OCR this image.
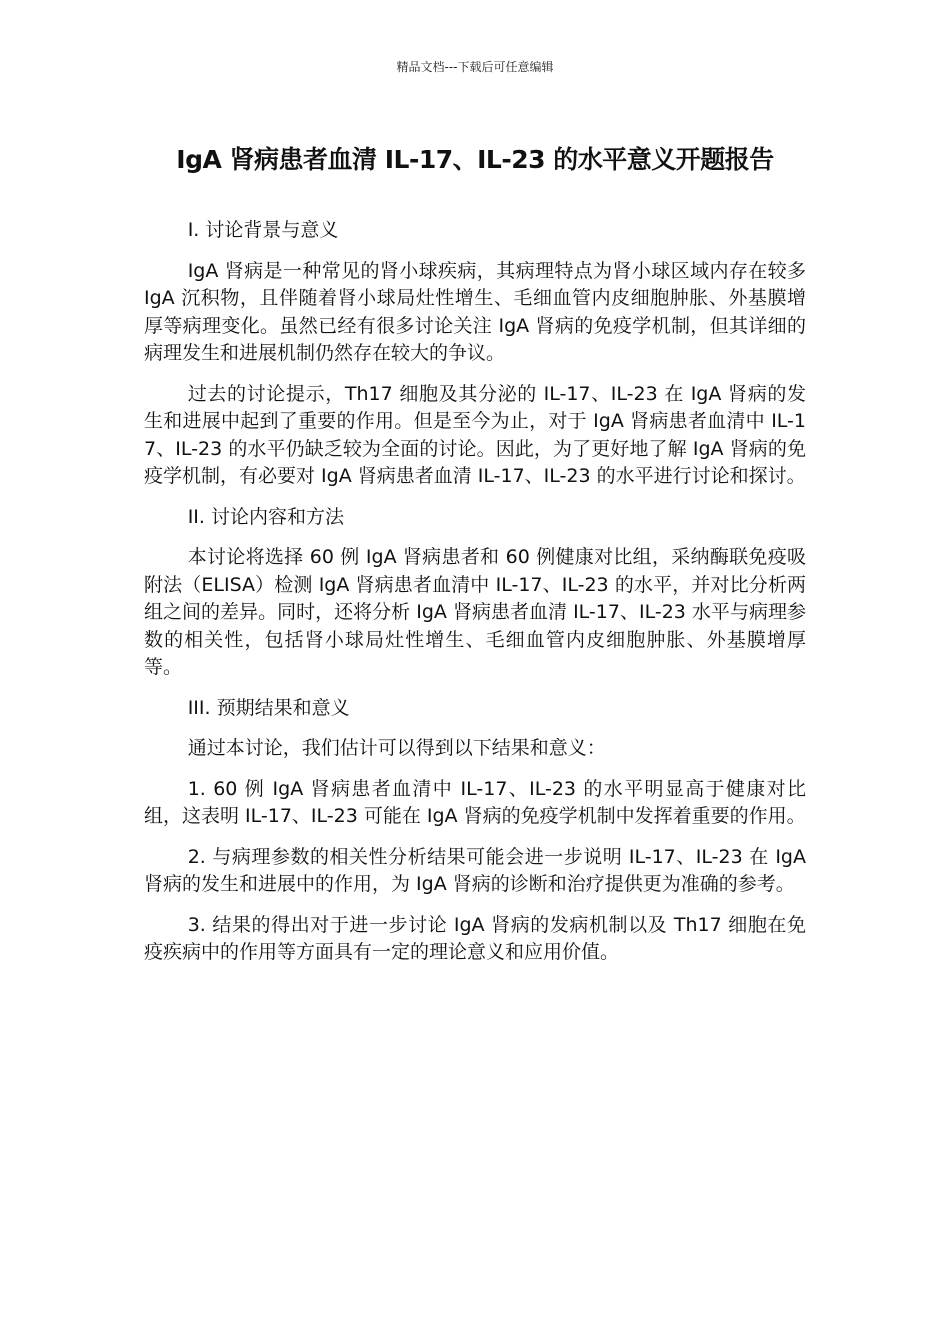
精品文档---下载后可任意编辑
IgA 肾病患者血清 IL-17、IL-23 的水平意义开题报告

I. 讨论背景与意义

IgA 肾病是一种常见的肾小球疾病，其病理特点为肾小球区域内存在较多 IgA 沉积物，且伴随着肾小球局灶性增生、毛细血管内皮细胞肿胀、外基膜增厚等病理变化。虽然已经有很多讨论关注 IgA 肾病的免疫学机制，但其详细的病理发生和进展机制仍然存在较大的争议。

过去的讨论提示，Th17 细胞及其分泌的 IL-17、IL-23 在 IgA 肾病的发生和进展中起到了重要的作用。但是至今为止，对于 IgA 肾病患者血清中 IL-17、IL-23 的水平仍缺乏较为全面的讨论。因此，为了更好地了解 IgA 肾病的免疫学机制，有必要对 IgA 肾病患者血清 IL-17、IL-23 的水平进行讨论和探讨。

II. 讨论内容和方法

本讨论将选择 60 例 IgA 肾病患者和 60 例健康对比组，采纳酶联免疫吸附法（ELISA）检测 IgA 肾病患者血清中 IL-17、IL-23 的水平，并对比分析两组之间的差异。同时，还将分析 IgA 肾病患者血清 IL-17、IL-23 水平与病理参数的相关性，包括肾小球局灶性增生、毛细血管内皮细胞肿胀、外基膜增厚等。

III. 预期结果和意义

通过本讨论，我们估计可以得到以下结果和意义：

1. 60 例 IgA 肾病患者血清中 IL-17、IL-23 的水平明显高于健康对比组，这表明 IL-17、IL-23 可能在 IgA 肾病的免疫学机制中发挥着重要的作用。

2. 与病理参数的相关性分析结果可能会进一步说明 IL-17、IL-23 在 IgA 肾病的发生和进展中的作用，为 IgA 肾病的诊断和治疗提供更为准确的参考。

3. 结果的得出对于进一步讨论 IgA 肾病的发病机制以及 Th17 细胞在免疫疾病中的作用等方面具有一定的理论意义和应用价值。
